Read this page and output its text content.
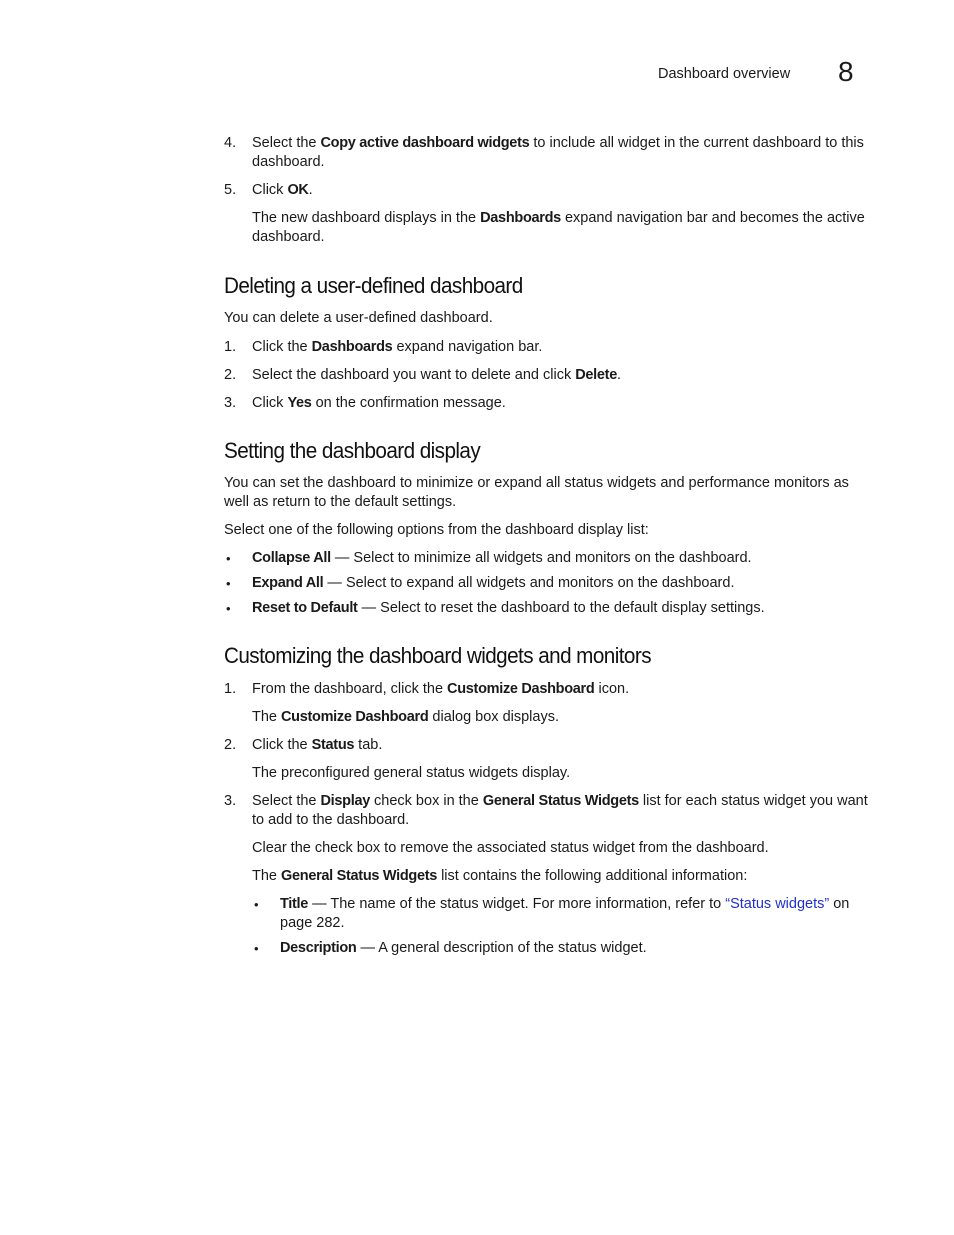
Dashboard overview 8
4. Select the Copy active dashboard widgets to include all widget in the current dashboard to this dashboard.
5. Click OK.

The new dashboard displays in the Dashboards expand navigation bar and becomes the active dashboard.

Deleting a user-defined dashboard

You can delete a user-defined dashboard.

1. Click the Dashboards expand navigation bar.
2. Select the dashboard you want to delete and click Delete.
3. Click Yes on the confirmation message.
Setting the dashboard display

You can set the dashboard to minimize or expand all status widgets and performance monitors as well as return to the default settings.

Select one of the following options from the dashboard display list:

• Collapse All — Select to minimize all widgets and monitors on the dashboard.
• Expand All — Select to expand all widgets and monitors on the dashboard.
• Reset to Default — Select to reset the dashboard to the default display settings.
Customizing the dashboard widgets and monitors
1. From the dashboard, click the Customize Dashboard icon.

The Customize Dashboard dialog box displays.

2. Click the Status tab.

The preconfigured general status widgets display.

3. Select the Display check box in the General Status Widgets list for each status widget you want to add to the dashboard.

Clear the check box to remove the associated status widget from the dashboard.

The General Status Widgets list contains the following additional information:

• Title — The name of the status widget. For more information, refer to “Status widgets” on page 282.
• Description — A general description of the status widget.
